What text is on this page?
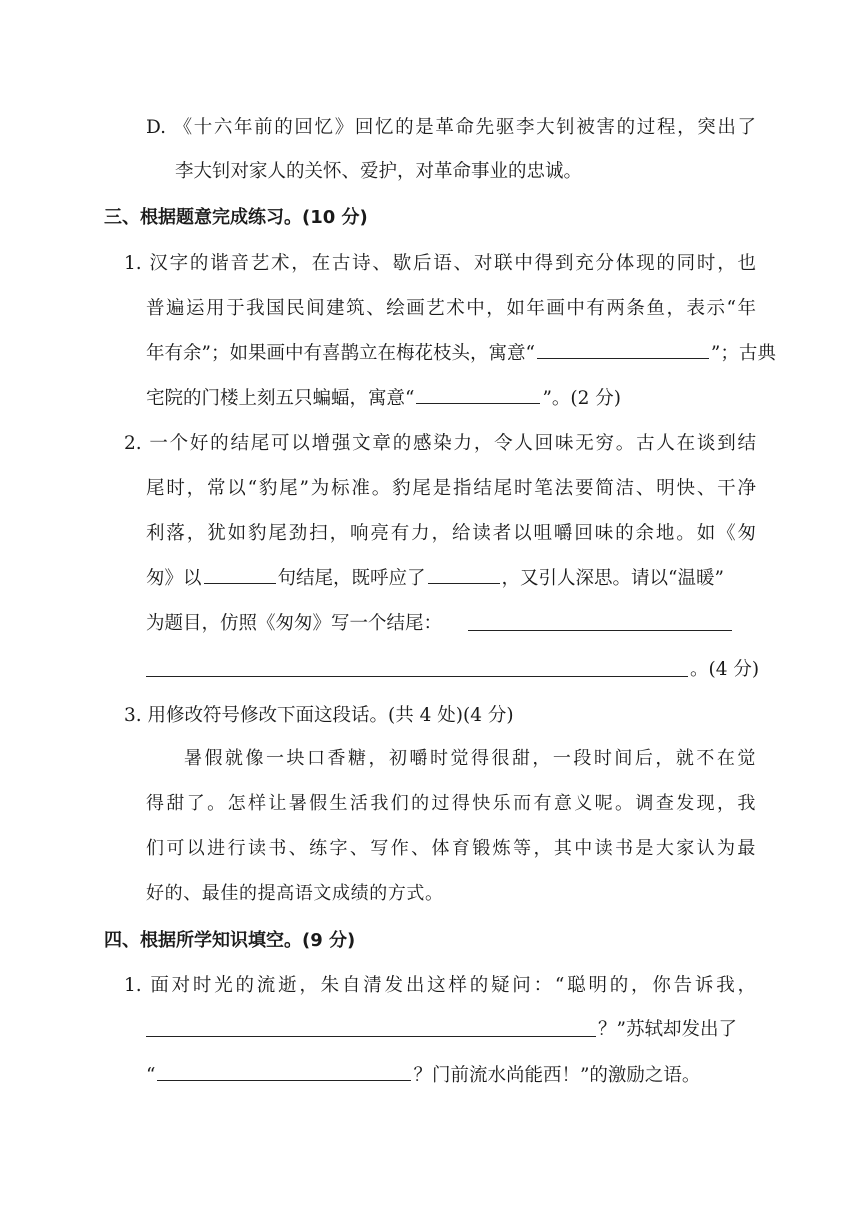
D. 《十六年前的回忆》回忆的是革命先驱李大钊被害的过程，突出了
李大钊对家人的关怀、爱护，对革命事业的忠诚。
三、根据题意完成练习。(10 分)
1. 汉字的谐音艺术，在古诗、歇后语、对联中得到充分体现的同时，也
普遍运用于我国民间建筑、绘画艺术中，如年画中有两条鱼，表示“年
年有余”；如果画中有喜鹊立在梅花枝头，寓意“	”；古典
宅院的门楼上刻五只蝙蝠，寓意“	”。(2 分)
2. 一个好的结尾可以增强文章的感染力，令人回味无穷。古人在谈到结
尾时，常以“豹尾”为标准。豹尾是指结尾时笔法要简洁、明快、干净
利落，犹如豹尾劲扫，响亮有力，给读者以咀嚼回味的余地。如《匆
匆》以	句结尾，既呼应了	，又引人深思。请以“温暖”
为题目，仿照《匆匆》写一个结尾：
。(4 分)
3. 用修改符号修改下面这段话。(共 4 处)(4 分)
暑假就像一块口香糖，初嚼时觉得很甜，一段时间后，就不在觉
得甜了。怎样让暑假生活我们的过得快乐而有意义呢。调查发现，我
们可以进行读书、练字、写作、体育锻炼等，其中读书是大家认为最
好的、最佳的提高语文成绩的方式。
四、根据所学知识填空。(9 分)
1. 面对时光的流逝，朱自清发出这样的疑问：“聪明的，你告诉我，
？”苏轼却发出了
“	？门前流水尚能西！”的激励之语。
